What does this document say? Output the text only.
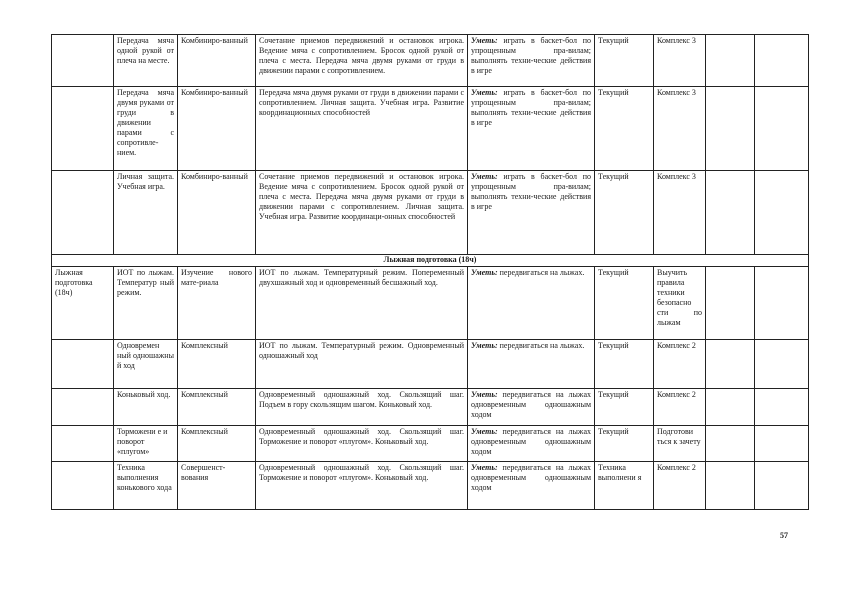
	Передача мяча одной рукой от плеча на месте.	Комбиниро-ванный	Сочетание приемов передвижений и остановок игрока. Ведение мяча с сопротивлением. Бросок одной рукой от плеча с места. Передача мяча двумя руками от груди в движении парами с сопротивлением.	Уметь: играть в баскет-бол по упрощенным пра-вилам; выполнять техни-ческие действия в игре	Текущий	Комплекс 3		
	Передача мяча двумя руками от груди в движении парами с сопротивле-нием.	Комбиниро-ванный	Передача мяча двумя руками от груди в движении парами с сопротивлением. Личная защита. Учебная игра. Развитие координационных способностей	Уметь: играть в баскет-бол по упрощенным пра-вилам; выполнять техни-ческие действия в игре	Текущий	Комплекс 3		
	Личная защита. Учебная игра.	Комбиниро-ванный	Сочетание приемов передвижений и остановок игрока. Ведение мяча с сопротивлением. Бросок одной рукой от плеча с места. Передача мяча двумя руками от груди в движении парами с сопротивлением. Личная защита. Учебная игра. Развитие координаци-онных способностей	Уметь: играть в баскет-бол по упрощенным пра-вилам; выполнять техни-ческие действия в игре	Текущий	Комплекс 3		
Лыжная подготовка (18ч)								
Лыжная подготовка (18ч)	ИОТ по лыжам. Температур ный режим.	Изучение нового мате-риала	ИОТ по лыжам. Температурный режим. Попеременный двухшажный ход и одновременный бесшажный ход.	Уметь: передвигаться на лыжах.	Текущий	Выучить правила техники безопасно сти по лыжам		
	Одновремен ный одношажны й ход	Комплексный	ИОТ по лыжам. Температурный режим. Одновременный одношажный ход	Уметь: передвигаться на лыжах.	Текущий	Комплекс 2		
	Коньковый ход.	Комплексный	Одновременный одношажный ход. Скользящий шаг. Подъем в гору скользящим шагом. Коньковый ход.	Уметь: передвигаться на лыжах одновременным одношажным ходом	Текущий	Комплекс 2		
	Торможени е и поворот «плугом»	Комплексный	Одновременный одношажный ход. Скользящий шаг. Торможение и поворот «плугом». Коньковый ход.	Уметь: передвигаться на лыжах одновременным одношажным ходом	Текущий	Подготови ться к зачету		
	Техника выполнения конькового хода	Совершенст-вования	Одновременный одношажный ход. Скользящий шаг. Торможение и поворот «плугом». Коньковый ход.	Уметь: передвигаться на лыжах одновременным одношажным ходом	Техника выполнени я	Комплекс 2		
57
